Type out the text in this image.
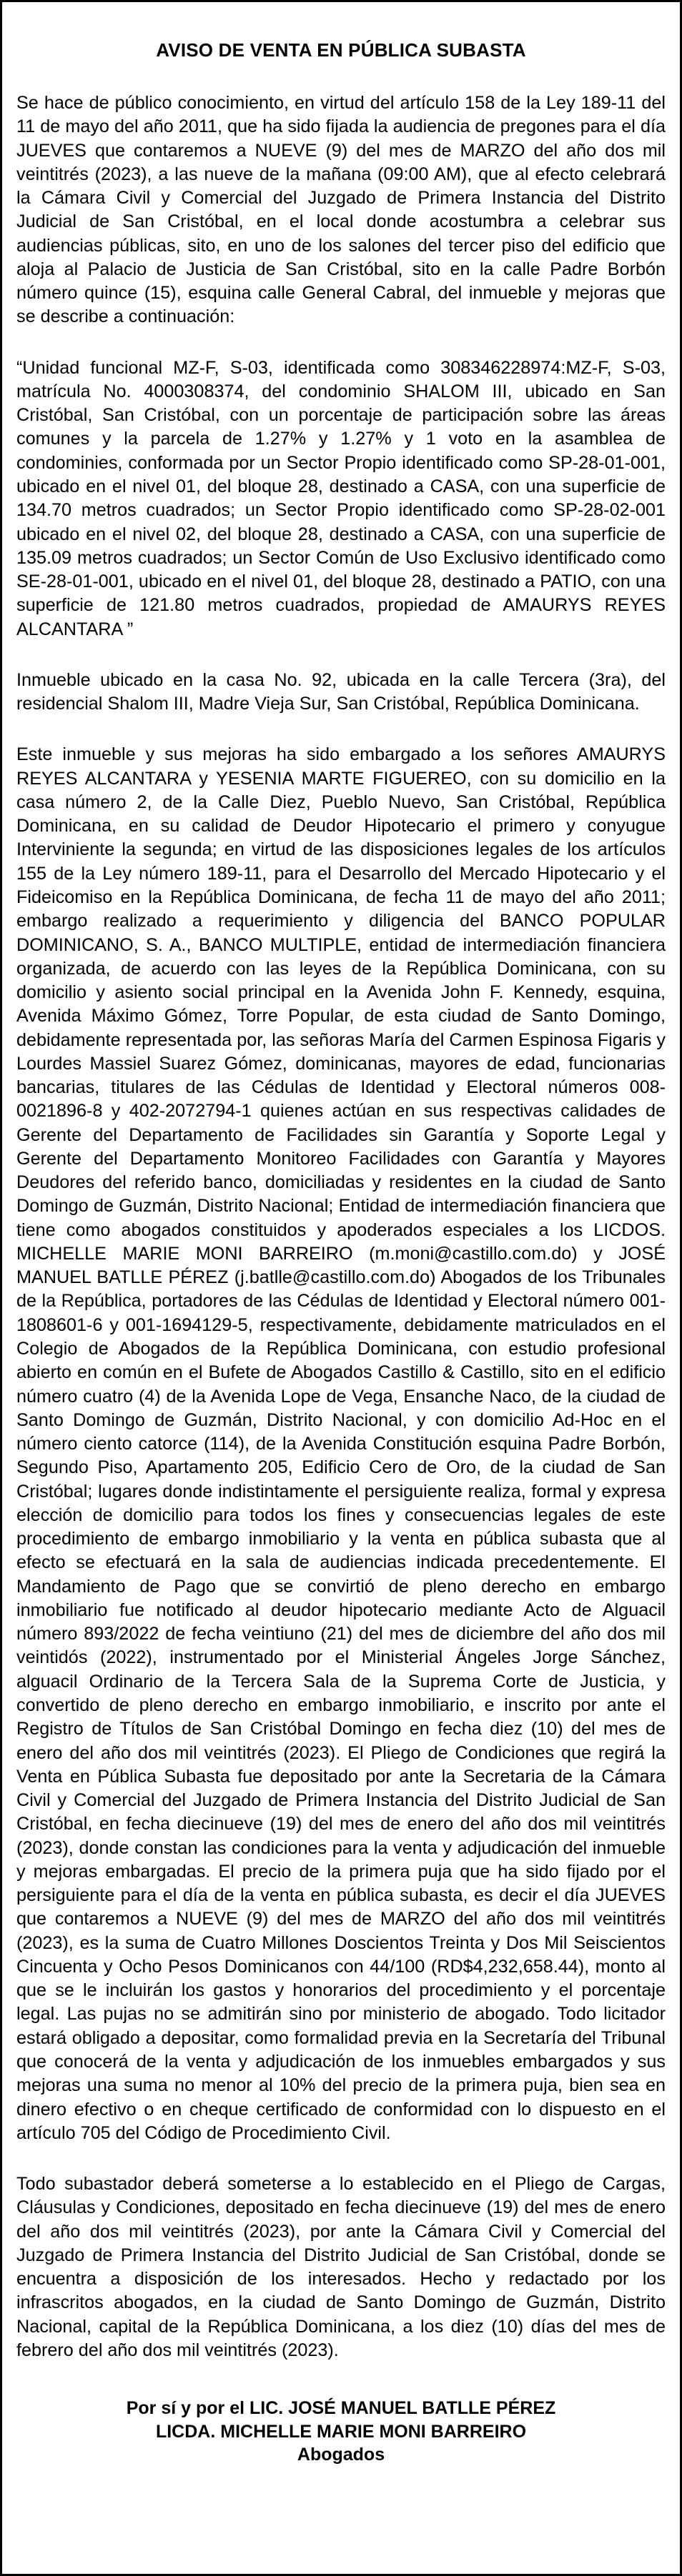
AVISO DE VENTA EN PÚBLICA SUBASTA

Se hace de público conocimiento, en virtud del artículo 158 de la Ley 189-11 del 11 de mayo del año 2011, que ha sido fijada la audiencia de pregones para el día JUEVES que contaremos a NUEVE (9) del mes de MARZO del año dos mil veintitrés (2023), a las nueve de la mañana (09:00 AM), que al efecto celebrará la Cámara Civil y Comercial del Juzgado de Primera Instancia del Distrito Judicial de San Cristóbal, en el local donde acostumbra a celebrar sus audiencias públicas, sito, en uno de los salones del tercer piso del edificio que aloja al Palacio de Justicia de San Cristóbal, sito en la calle Padre Borbón número quince (15), esquina calle General Cabral, del inmueble y mejoras que se describe a continuación:

“Unidad funcional MZ-F, S-03, identificada como 308346228974:MZ-F, S-03, matrícula No. 4000308374, del condominio SHALOM III, ubicado en San Cristóbal, San Cristóbal, con un porcentaje de participación sobre las áreas comunes y la parcela de 1.27% y 1.27% y 1 voto en la asamblea de condominies, conformada por un Sector Propio identificado como SP-28-01-001, ubicado en el nivel 01, del bloque 28, destinado a CASA, con una superficie de 134.70 metros cuadrados; un Sector Propio identificado como SP-28-02-001 ubicado en el nivel 02, del bloque 28, destinado a CASA, con una superficie de 135.09 metros cuadrados; un Sector Común de Uso Exclusivo identificado como SE-28-01-001, ubicado en el nivel 01, del bloque 28, destinado a PATIO, con una superficie de 121.80 metros cuadrados, propiedad de AMAURYS REYES ALCANTARA ”

Inmueble ubicado en la casa No. 92, ubicada en la calle Tercera (3ra), del residencial Shalom III, Madre Vieja Sur, San Cristóbal, República Dominicana.

Este inmueble y sus mejoras ha sido embargado a los señores AMAURYS REYES ALCANTARA y YESENIA MARTE FIGUEREO, con su domicilio en la casa número 2, de la Calle Diez, Pueblo Nuevo, San Cristóbal, República Dominicana, en su calidad de Deudor Hipotecario el primero y conyugue Interviniente la segunda; en virtud de las disposiciones legales de los artículos 155 de la Ley número 189-11, para el Desarrollo del Mercado Hipotecario y el Fideicomiso en la República Dominicana, de fecha 11 de mayo del año 2011; embargo realizado a requerimiento y diligencia del BANCO POPULAR DOMINICANO, S. A., BANCO MULTIPLE, entidad de intermediación financiera organizada, de acuerdo con las leyes de la República Dominicana, con su domicilio y asiento social principal en la Avenida John F. Kennedy, esquina, Avenida Máximo Gómez, Torre Popular, de esta ciudad de Santo Domingo, debidamente representada por, las señoras María del Carmen Espinosa Figaris y Lourdes Massiel Suarez Gómez, dominicanas, mayores de edad, funcionarias bancarias, titulares de las Cédulas de Identidad y Electoral números 008-0021896-8 y 402-2072794-1 quienes actúan en sus respectivas calidades de Gerente del Departamento de Facilidades sin Garantía y Soporte Legal y Gerente del Departamento Monitoreo Facilidades con Garantía y Mayores Deudores del referido banco, domiciliadas y residentes en la ciudad de Santo Domingo de Guzmán, Distrito Nacional; Entidad de intermediación financiera que tiene como abogados constituidos y apoderados especiales a los LICDOS. MICHELLE MARIE MONI BARREIRO (m.moni@castillo.com.do) y JOSÉ MANUEL BATLLE PÉREZ (j.batlle@castillo.com.do) Abogados de los Tribunales de la República, portadores de las Cédulas de Identidad y Electoral número 001-1808601-6 y 001-1694129-5, respectivamente, debidamente matriculados en el Colegio de Abogados de la República Dominicana, con estudio profesional abierto en común en el Bufete de Abogados Castillo & Castillo, sito en el edificio número cuatro (4) de la Avenida Lope de Vega, Ensanche Naco, de la ciudad de Santo Domingo de Guzmán, Distrito Nacional, y con domicilio Ad-Hoc en el número ciento catorce (114), de la Avenida Constitución esquina Padre Borbón, Segundo Piso, Apartamento 205, Edificio Cero de Oro, de la ciudad de San Cristóbal; lugares donde indistintamente el persiguiente realiza, formal y expresa elección de domicilio para todos los fines y consecuencias legales de este procedimiento de embargo inmobiliario y la venta en pública subasta que al efecto se efectuará en la sala de audiencias indicada precedentemente. El Mandamiento de Pago que se convirtió de pleno derecho en embargo inmobiliario fue notificado al deudor hipotecario mediante Acto de Alguacil número 893/2022 de fecha veintiuno (21) del mes de diciembre del año dos mil veintidós (2022), instrumentado por el Ministerial Ángeles Jorge Sánchez, alguacil Ordinario de la Tercera Sala de la Suprema Corte de Justicia, y convertido de pleno derecho en embargo inmobiliario, e inscrito por ante el Registro de Títulos de San Cristóbal Domingo en fecha diez (10) del mes de enero del año dos mil veintitrés (2023). El Pliego de Condiciones que regirá la Venta en Pública Subasta fue depositado por ante la Secretaria de la Cámara Civil y Comercial del Juzgado de Primera Instancia del Distrito Judicial de San Cristóbal, en fecha diecinueve (19) del mes de enero del año dos mil veintitrés (2023), donde constan las condiciones para la venta y adjudicación del inmueble y mejoras embargadas. El precio de la primera puja que ha sido fijado por el persiguiente para el día de la venta en pública subasta, es decir el día JUEVES que contaremos a NUEVE (9) del mes de MARZO del año dos mil veintitrés (2023), es la suma de Cuatro Millones Doscientos Treinta y Dos Mil Seiscientos Cincuenta y Ocho Pesos Dominicanos con 44/100 (RD$4,232,658.44), monto al que se le incluirán los gastos y honorarios del procedimiento y el porcentaje legal. Las pujas no se admitirán sino por ministerio de abogado. Todo licitador estará obligado a depositar, como formalidad previa en la Secretaría del Tribunal que conocerá de la venta y adjudicación de los inmuebles embargados y sus mejoras una suma no menor al 10% del precio de la primera puja, bien sea en dinero efectivo o en cheque certificado de conformidad con lo dispuesto en el artículo 705 del Código de Procedimiento Civil.

Todo subastador deberá someterse a lo establecido en el Pliego de Cargas, Cláusulas y Condiciones, depositado en fecha diecinueve (19) del mes de enero del año dos mil veintitrés (2023), por ante la Cámara Civil y Comercial del Juzgado de Primera Instancia del Distrito Judicial de San Cristóbal, donde se encuentra a disposición de los interesados. Hecho y redactado por los infrascritos abogados, en la ciudad de Santo Domingo de Guzmán, Distrito Nacional, capital de la República Dominicana, a los diez (10) días del mes de febrero del año dos mil veintitrés (2023).

Por sí y por el LIC. JOSÉ MANUEL BATLLE PÉREZ
LICDA. MICHELLE MARIE MONI BARREIRO
Abogados
